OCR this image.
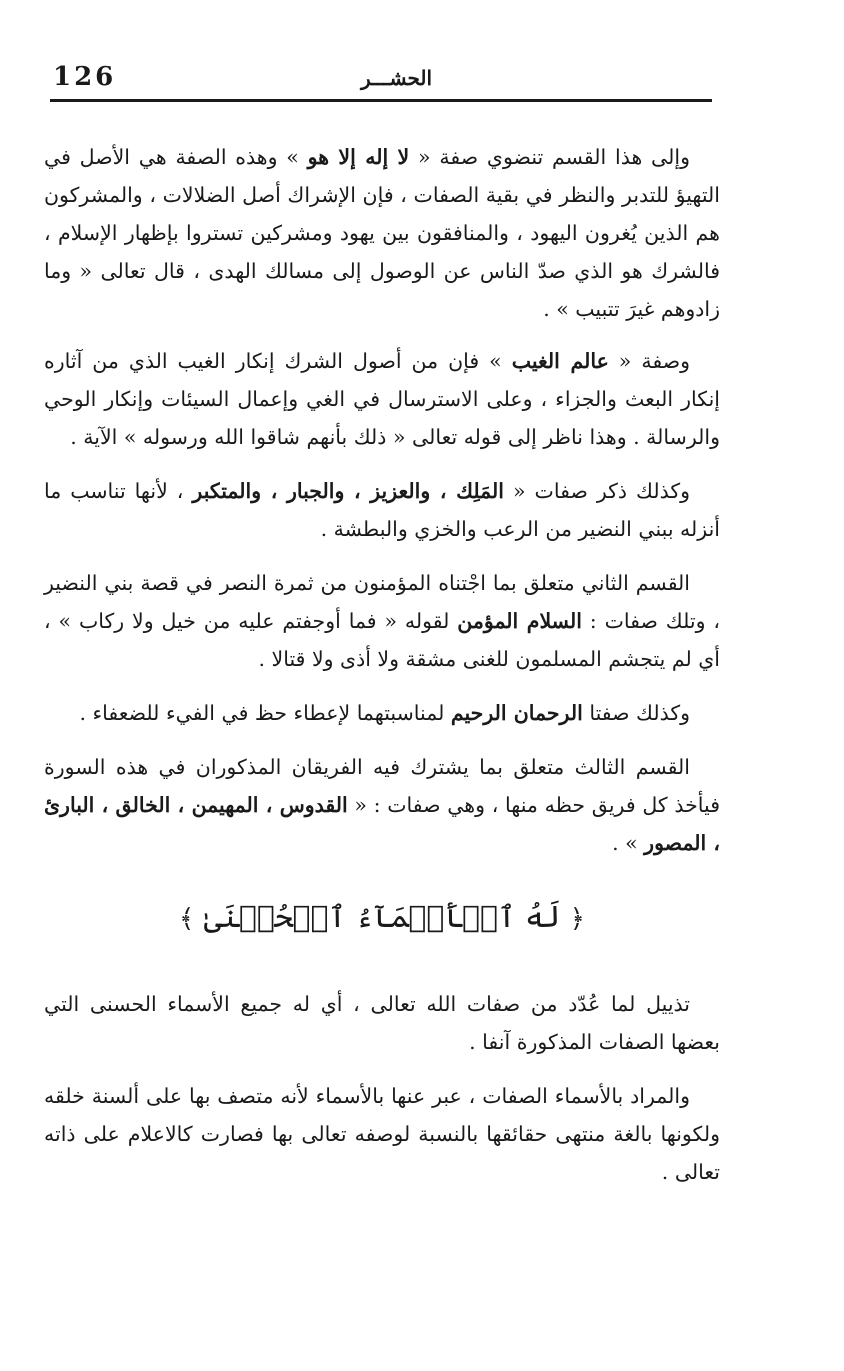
126	الحشـــر

وإلى هذا القسم تنضوي صفة « لا إله إلا هو » وهذه الصفة هي الأصل في التهيؤ للتدبر والنظر في بقية الصفات ، فإن الإشراك أصل الضلالات ، والمشركون هم الذين يُغرون اليهود ، والمنافقون بين يهود ومشركين تستروا بإظهار الإسلام ، فالشرك هو الذي صدّ الناس عن الوصول إلى مسالك الهدى ، قال تعالى « وما زادوهم غيرَ تتبيب » .

وصفة « عالم الغيب » فإن من أصول الشرك إنكار الغيب الذي من آثاره إنكار البعث والجزاء ، وعلى الاسترسال في الغي وإعمال السيئات وإنكار الوحي والرسالة . وهذا ناظر إلى قوله تعالى « ذلك بأنهم شاقوا الله ورسوله » الآية .

وكذلك ذكر صفات « المَلِك ، والعزيز ، والجبار ، والمتكبر ، لأنها تناسب ما أنزله ببني النضير من الرعب والخزي والبطشة .

القسم الثاني متعلق بما اجْتناه المؤمنون من ثمرة النصر في قصة بني النضير ، وتلك صفات : السلام المؤمن لقوله « فما أوجفتم عليه من خيل ولا ركاب » ، أي لم يتجشم المسلمون للغنى مشقة ولا أذى ولا قتالا .

وكذلك صفتا الرحمان الرحيم لمناسبتهما لإعطاء حظ في الفيء للضعفاء .

القسم الثالث متعلق بما يشترك فيه الفريقان المذكوران في هذه السورة فيأخذ كل فريق حظه منها ، وهي صفات : « القدوس ، المهيمن ، الخالق ، البارئ ، المصور » .

﴿ لَهُ ٱلۡأَسۡمَآءُ ٱلۡحُسۡنَىٰ ﴾

تذييل لما عُدّد من صفات الله تعالى ، أي له جميع الأسماء الحسنى التي بعضها الصفات المذكورة آنفا .

والمراد بالأسماء الصفات ، عبر عنها بالأسماء لأنه متصف بها على ألسنة خلقه ولكونها بالغة منتهى حقائقها بالنسبة لوصفه تعالى بها فصارت كالاعلام على ذاته تعالى .
